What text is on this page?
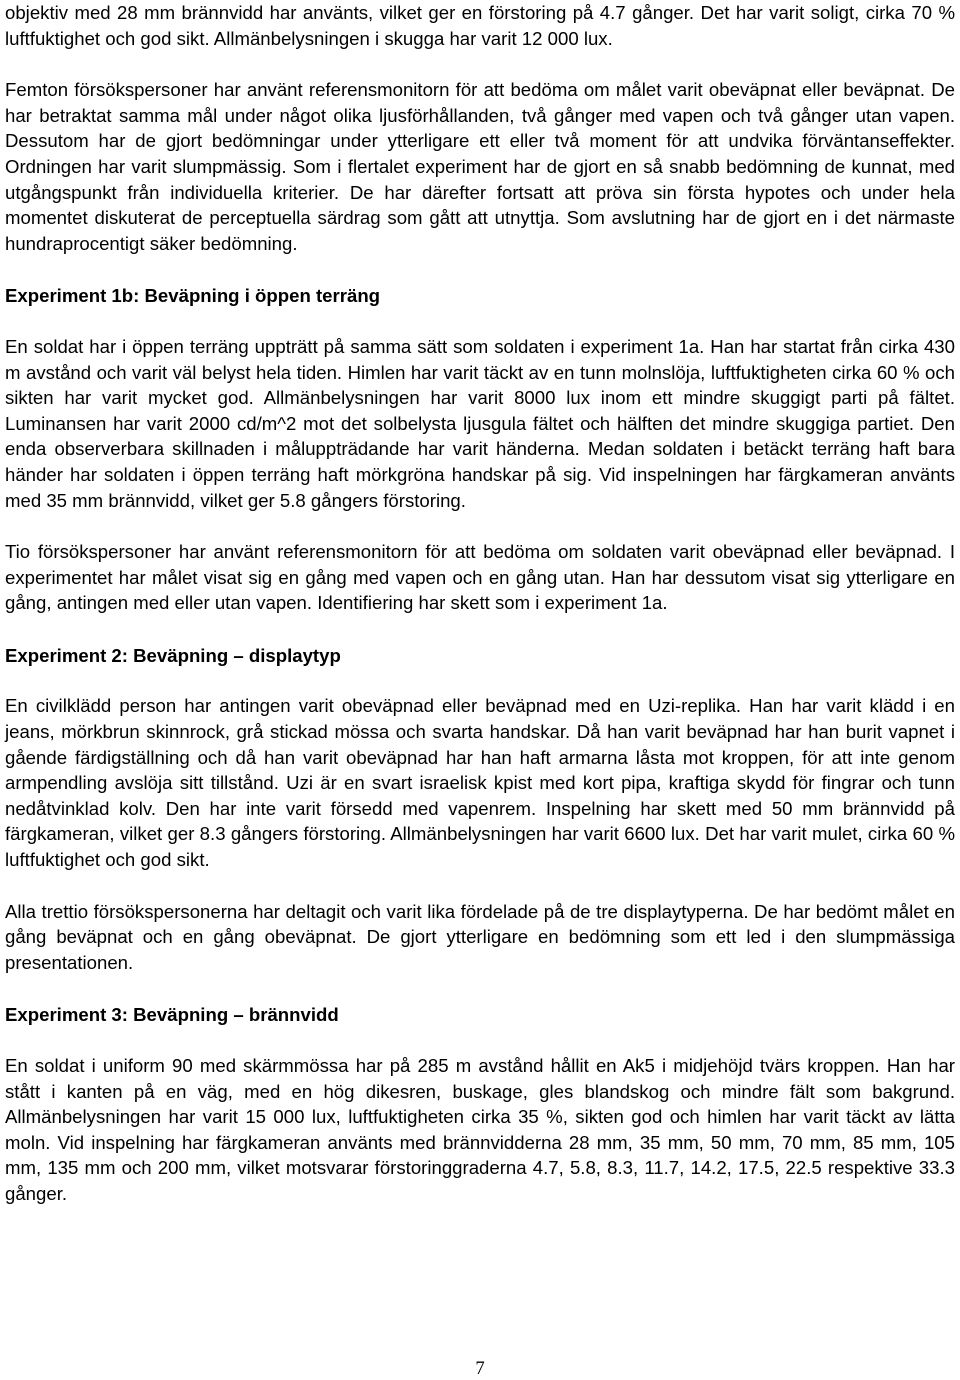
objektiv med 28 mm brännvidd har använts, vilket ger en förstoring på 4.7 gånger. Det har varit soligt, cirka 70 % luftfuktighet och god sikt. Allmänbelysningen i skugga har varit 12 000 lux.

Femton försökspersoner har använt referensmonitorn för att bedöma om målet varit obeväpnat eller beväpnat. De har betraktat samma mål under något olika ljusförhållanden, två gånger med vapen och två gånger utan vapen. Dessutom har de gjort bedömningar under ytterligare ett eller två moment för att undvika förväntanseffekter. Ordningen har varit slumpmässig. Som i flertalet experiment har de gjort en så snabb bedömning de kunnat, med utgångspunkt från individuella kriterier. De har därefter fortsatt att pröva sin första hypotes och under hela momentet diskuterat de perceptuella särdrag som gått att utnyttja. Som avslutning har de gjort en i det närmaste hundraprocentigt säker bedömning.

Experiment 1b: Beväpning i öppen terräng

En soldat har i öppen terräng uppträtt på samma sätt som soldaten i experiment 1a. Han har startat från cirka 430 m avstånd och varit väl belyst hela tiden. Himlen har varit täckt av en tunn molnslöja, luftfuktigheten cirka 60 % och sikten har varit mycket god. Allmänbelysningen har varit 8000 lux inom ett mindre skuggigt parti på fältet. Luminansen har varit 2000 cd/m^2 mot det solbelysta ljusgula fältet och hälften det mindre skuggiga partiet. Den enda observerbara skillnaden i måluppträdande har varit händerna. Medan soldaten i betäckt terräng haft bara händer har soldaten i öppen terräng haft mörkgröna handskar på sig. Vid inspelningen har färgkameran använts med 35 mm brännvidd, vilket ger 5.8 gångers förstoring.

Tio försökspersoner har använt referensmonitorn för att bedöma om soldaten varit obeväpnad eller beväpnad. I experimentet har målet visat sig en gång med vapen och en gång utan. Han har dessutom visat sig ytterligare en gång, antingen med eller utan vapen. Identifiering har skett som i experiment 1a.

Experiment 2: Beväpning – displaytyp

En civilklädd person har antingen varit obeväpnad eller beväpnad med en Uzi-replika. Han har varit klädd i en jeans, mörkbrun skinnrock, grå stickad mössa och svarta handskar. Då han varit beväpnad har han burit vapnet i gående färdigställning och då han varit obeväpnad har han haft armarna låsta mot kroppen, för att inte genom armpendling avslöja sitt tillstånd. Uzi är en svart israelisk kpist med kort pipa, kraftiga skydd för fingrar och tunn nedåtvinklad kolv. Den har inte varit försedd med vapenrem. Inspelning har skett med 50 mm brännvidd på färgkameran, vilket ger 8.3 gångers förstoring. Allmänbelysningen har varit 6600 lux. Det har varit mulet, cirka 60 % luftfuktighet och god sikt.

Alla trettio försökspersonerna har deltagit och varit lika fördelade på de tre displaytyperna. De har bedömt målet en gång beväpnat och en gång obeväpnat. De gjort ytterligare en bedömning som ett led i den slumpmässiga presentationen.

Experiment 3: Beväpning – brännvidd

En soldat i uniform 90 med skärmmössa har på 285 m avstånd hållit en Ak5 i midjehöjd tvärs kroppen. Han har stått i kanten på en väg, med en hög dikesren, buskage, gles blandskog och mindre fält som bakgrund. Allmänbelysningen har varit 15 000 lux, luftfuktigheten cirka 35 %, sikten god och himlen har varit täckt av lätta moln. Vid inspelning har färgkameran använts med brännvidderna 28 mm, 35 mm, 50 mm, 70 mm, 85 mm, 105 mm, 135 mm och 200 mm, vilket motsvarar förstoringgraderna 4.7, 5.8, 8.3, 11.7, 14.2, 17.5, 22.5 respektive 33.3 gånger.

7
